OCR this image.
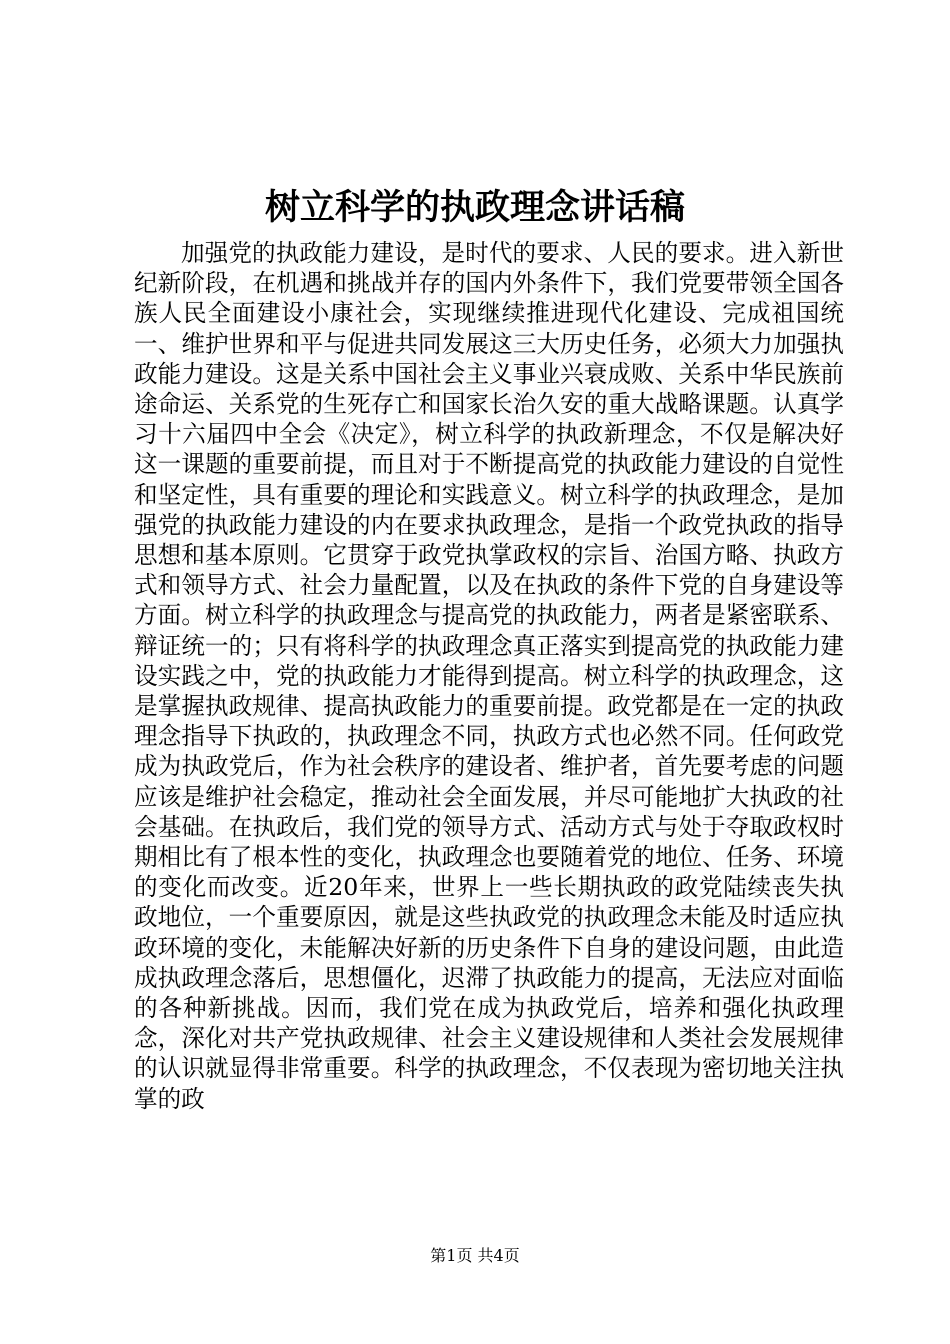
树立科学的执政理念讲话稿

加强党的执政能力建设，是时代的要求、人民的要求。进入新世纪新阶段，在机遇和挑战并存的国内外条件下，我们党要带领全国各族人民全面建设小康社会，实现继续推进现代化建设、完成祖国统一、维护世界和平与促进共同发展这三大历史任务，必须大力加强执政能力建设。这是关系中国社会主义事业兴衰成败、关系中华民族前途命运、关系党的生死存亡和国家长治久安的重大战略课题。认真学习十六届四中全会《决定》，树立科学的执政新理念，不仅是解决好这一课题的重要前提，而且对于不断提高党的执政能力建设的自觉性和坚定性，具有重要的理论和实践意义。树立科学的执政理念，是加强党的执政能力建设的内在要求执政理念，是指一个政党执政的指导思想和基本原则。它贯穿于政党执掌政权的宗旨、治国方略、执政方式和领导方式、社会力量配置，以及在执政的条件下党的自身建设等方面。树立科学的执政理念与提高党的执政能力，两者是紧密联系、辩证统一的；只有将科学的执政理念真正落实到提高党的执政能力建设实践之中，党的执政能力才能得到提高。树立科学的执政理念，这是掌握执政规律、提高执政能力的重要前提。政党都是在一定的执政理念指导下执政的，执政理念不同，执政方式也必然不同。任何政党成为执政党后，作为社会秩序的建设者、维护者，首先要考虑的问题应该是维护社会稳定，推动社会全面发展，并尽可能地扩大执政的社会基础。在执政后，我们党的领导方式、活动方式与处于夺取政权时期相比有了根本性的变化，执政理念也要随着党的地位、任务、环境的变化而改变。近20年来，世界上一些长期执政的政党陆续丧失执政地位，一个重要原因，就是这些执政党的执政理念未能及时适应执政环境的变化，未能解决好新的历史条件下自身的建设问题，由此造成执政理念落后，思想僵化，迟滞了执政能力的提高，无法应对面临的各种新挑战。因而，我们党在成为执政党后，培养和强化执政理念，深化对共产党执政规律、社会主义建设规律和人类社会发展规律的认识就显得非常重要。科学的执政理念，不仅表现为密切地关注执掌的政

第1页 共4页
